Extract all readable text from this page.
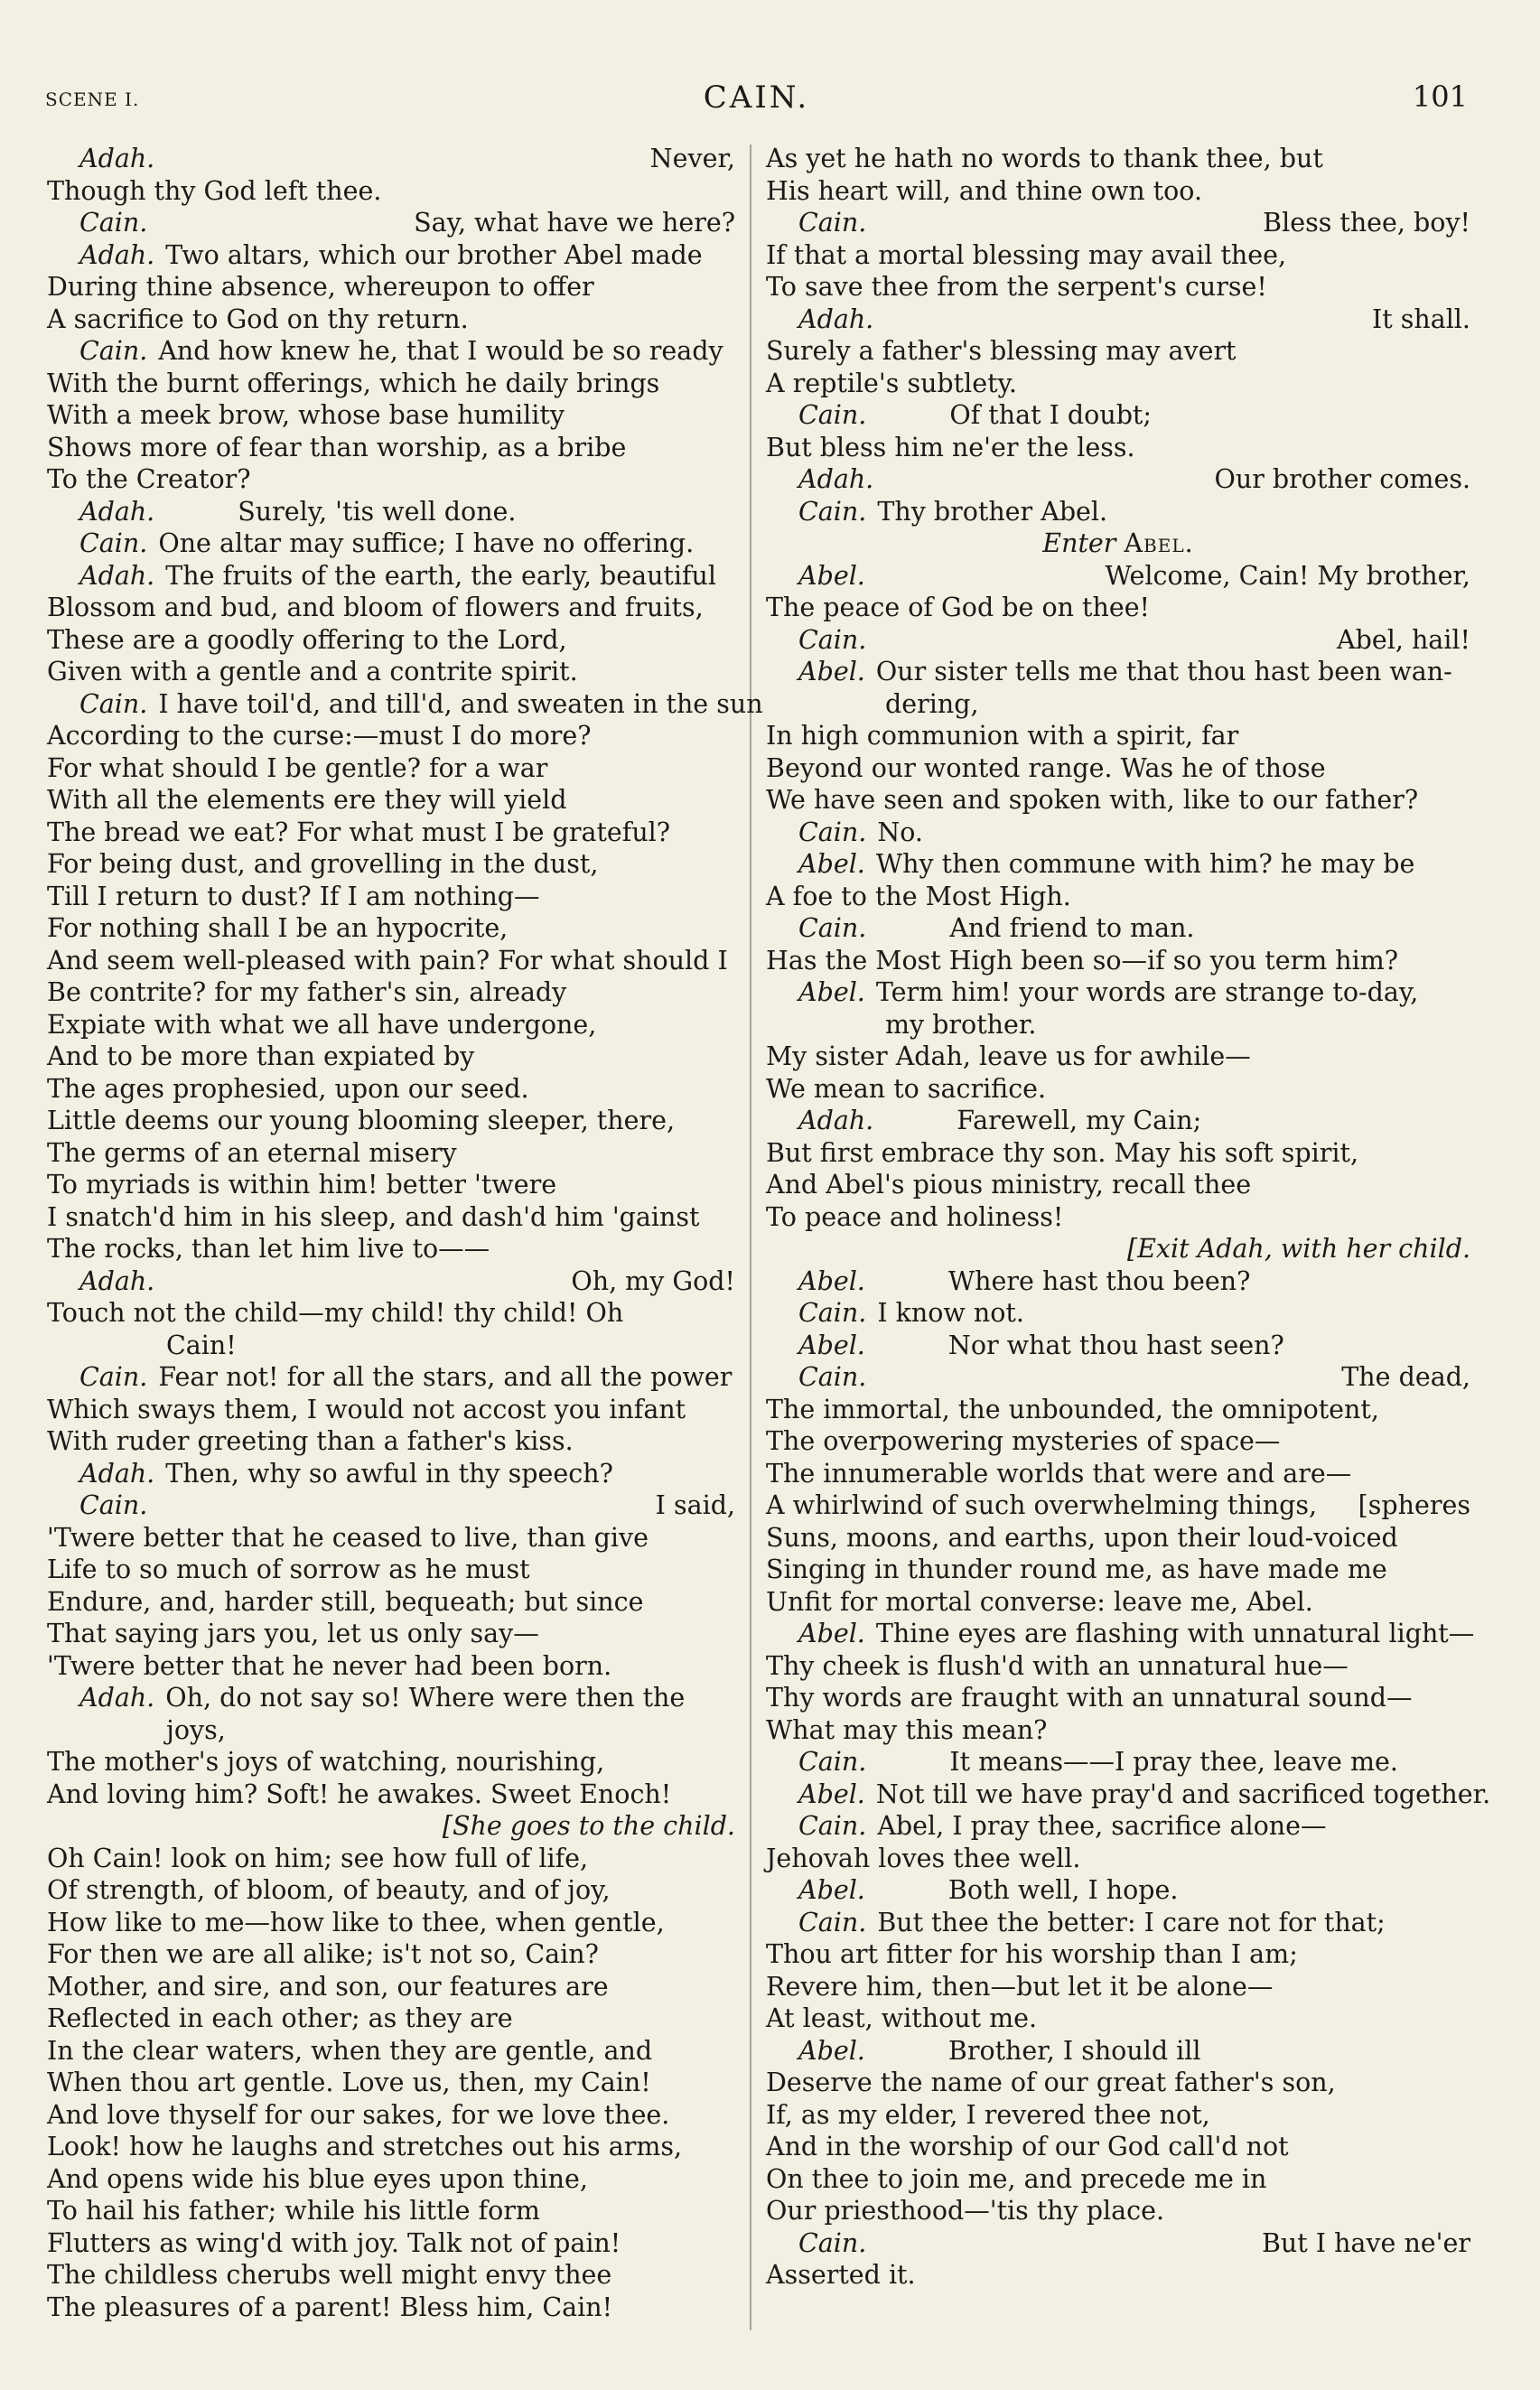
SCENE I.	CAIN.	101
Adah.	Never,
Though thy God left thee.
Cain.	Say, what have we here?
Adah. Two altars, which our brother Abel made
During thine absence, whereupon to offer
A sacrifice to God on thy return.
Cain. And how knew he, that I would be so ready
With the burnt offerings, which he daily brings
With a meek brow, whose base humility
Shows more of fear than worship, as a bribe
To the Creator?
Adah.	Surely, 'tis well done.
Cain. One altar may suffice; I have no offering.
Adah. The fruits of the earth, the early, beautiful
Blossom and bud, and bloom of flowers and fruits,
These are a goodly offering to the Lord,
Given with a gentle and a contrite spirit.
Cain. I have toil'd, and till'd, and sweaten in the sun
According to the curse:—must I do more?
For what should I be gentle? for a war
With all the elements ere they will yield
The bread we eat? For what must I be grateful?
For being dust, and grovelling in the dust,
Till I return to dust? If I am nothing—
For nothing shall I be an hypocrite,
And seem well-pleased with pain? For what should I
Be contrite? for my father's sin, already
Expiate with what we all have undergone,
And to be more than expiated by
The ages prophesied, upon our seed.
Little deems our young blooming sleeper, there,
The germs of an eternal misery
To myriads is within him! better 'twere
I snatch'd him in his sleep, and dash'd him 'gainst
The rocks, than let him live to——
Adah.	Oh, my God!
Touch not the child—my child! thy child! Oh
Cain!
Cain. Fear not! for all the stars, and all the power
Which sways them, I would not accost you infant
With ruder greeting than a father's kiss.
Adah. Then, why so awful in thy speech?
Cain.	I said,
'Twere better that he ceased to live, than give
Life to so much of sorrow as he must
Endure, and, harder still, bequeath; but since
That saying jars you, let us only say—
'Twere better that he never had been born.
Adah. Oh, do not say so! Where were then the
joys,
The mother's joys of watching, nourishing,
And loving him? Soft! he awakes. Sweet Enoch!
[She goes to the child.
Oh Cain! look on him; see how full of life,
Of strength, of bloom, of beauty, and of joy,
How like to me—how like to thee, when gentle,
For then we are all alike; is't not so, Cain?
Mother, and sire, and son, our features are
Reflected in each other; as they are
In the clear waters, when they are gentle, and
When thou art gentle. Love us, then, my Cain!
And love thyself for our sakes, for we love thee.
Look! how he laughs and stretches out his arms,
And opens wide his blue eyes upon thine,
To hail his father; while his little form
Flutters as wing'd with joy. Talk not of pain!
The childless cherubs well might envy thee
The pleasures of a parent! Bless him, Cain!
As yet he hath no words to thank thee, but
His heart will, and thine own too.
Cain.	Bless thee, boy!
If that a mortal blessing may avail thee,
To save thee from the serpent's curse!
Adah.	It shall.
Surely a father's blessing may avert
A reptile's subtlety.
Cain.	Of that I doubt;
But bless him ne'er the less.
Adah.	Our brother comes.
Cain. Thy brother Abel.
Enter Abel.
Abel.	Welcome, Cain! My brother,
The peace of God be on thee!
Cain.	Abel, hail!
Abel. Our sister tells me that thou hast been wan-
dering,
In high communion with a spirit, far
Beyond our wonted range. Was he of those
We have seen and spoken with, like to our father?
Cain. No.
Abel. Why then commune with him? he may be
A foe to the Most High.
Cain.	And friend to man.
Has the Most High been so—if so you term him?
Abel. Term him! your words are strange to-day,
my brother.
My sister Adah, leave us for awhile—
We mean to sacrifice.
Adah.	Farewell, my Cain;
But first embrace thy son. May his soft spirit,
And Abel's pious ministry, recall thee
To peace and holiness!
[Exit Adah, with her child.
Abel.	Where hast thou been?
Cain. I know not.
Abel.	Nor what thou hast seen?
Cain.	The dead,
The immortal, the unbounded, the omnipotent,
The overpowering mysteries of space—
The innumerable worlds that were and are—
A whirlwind of such overwhelming things, [spheres
Suns, moons, and earths, upon their loud-voiced
Singing in thunder round me, as have made me
Unfit for mortal converse: leave me, Abel.
Abel. Thine eyes are flashing with unnatural light—
Thy cheek is flush'd with an unnatural hue—
Thy words are fraught with an unnatural sound—
What may this mean?
Cain.	It means——I pray thee, leave me.
Abel. Not till we have pray'd and sacrificed together.
Cain. Abel, I pray thee, sacrifice alone—
Jehovah loves thee well.
Abel.	Both well, I hope.
Cain. But thee the better: I care not for that;
Thou art fitter for his worship than I am;
Revere him, then—but let it be alone—
At least, without me.
Abel.	Brother, I should ill
Deserve the name of our great father's son,
If, as my elder, I revered thee not,
And in the worship of our God call'd not
On thee to join me, and precede me in
Our priesthood—'tis thy place.
Cain.	But I have ne'er
Asserted it.
